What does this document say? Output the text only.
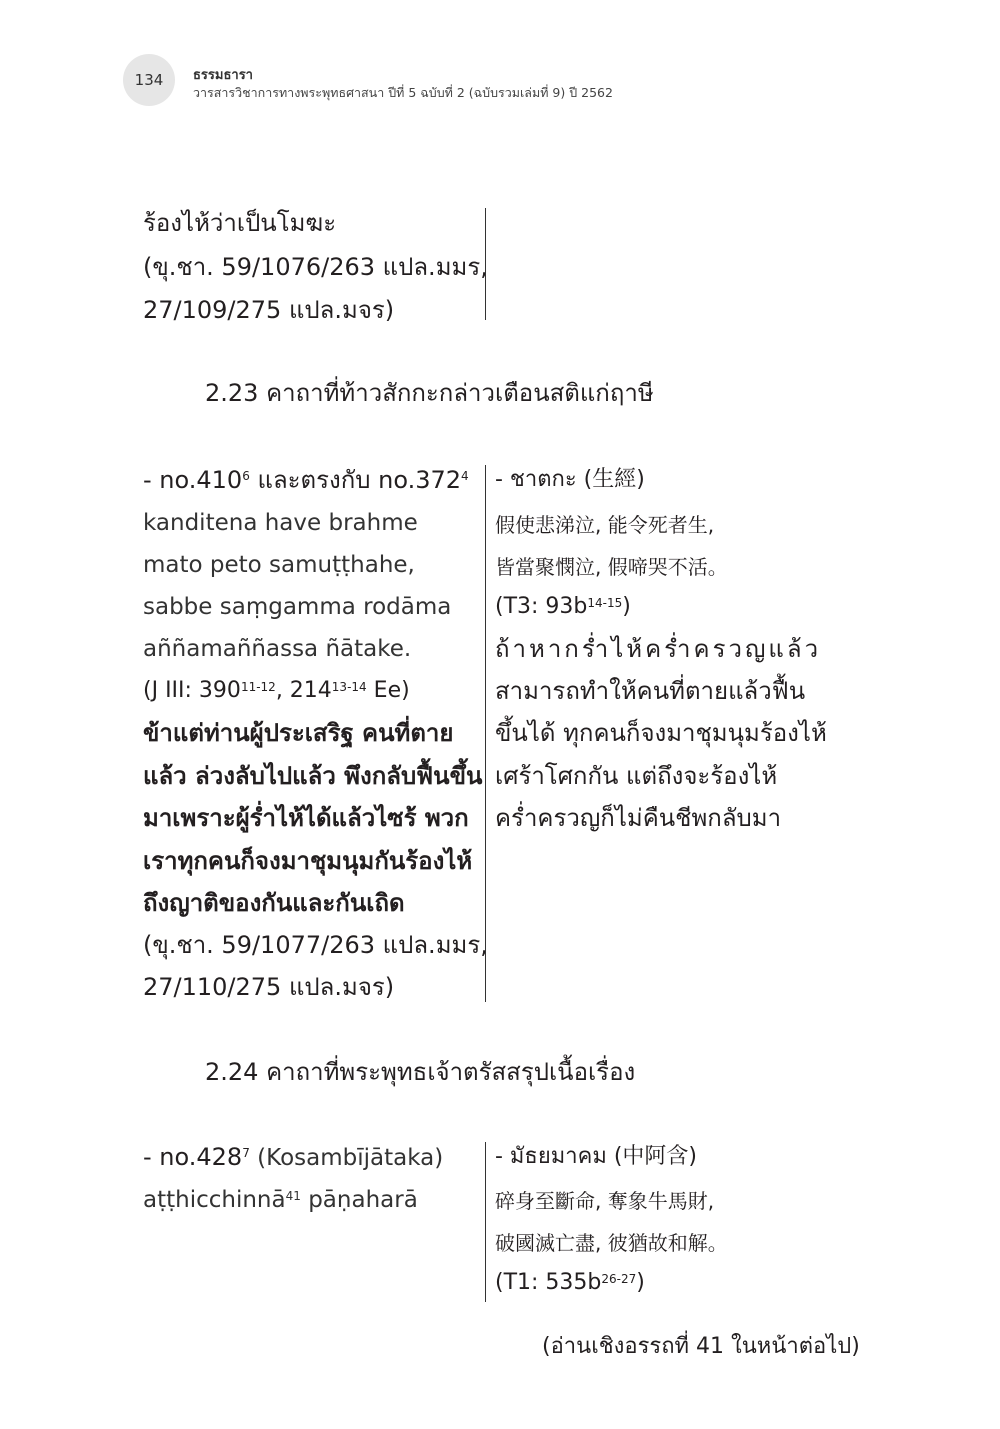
134 ธรรมธารา
วารสารวิชาการทางพระพุทธศาสนา ปีที่ 5 ฉบับที่ 2 (ฉบับรวมเล่มที่ 9) ปี 2562
ร้องไห้ว่าเป็นโมฆะ
(ขุ.ชา. 59/1076/263 แปล.มมร,
27/109/275 แปล.มจร)
2.23 คาถาที่ท้าวสักกะกล่าวเตือนสติแก่ฤาษี
- no.410$^6$ และตรงกับ no.372$^4$
kanditena have brahme
mato peto samuṭṭhahe,
sabbe saṃgamma rodāma
aññamaññassa ñātake.
(J III: 390$^{11-12}$, 214$^{13-14}$ Ee)
ข้าแต่ท่านผู้ประเสริฐ คนที่ตาย
แล้ว ล่วงลับไปแล้ว พึงกลับฟื้นขึ้น
มาเพราะผู้ร่ำไห้ได้แล้วไซร้ พวก
เราทุกคนก็จงมาชุมนุมกันร้องไห้
ถึงญาติของกันและกันเถิด
(ขุ.ชา. 59/1077/263 แปล.มมร,
27/110/275 แปล.มจร)
- ชาตกะ (生經)
假使悲涕泣, 能令死者生,
皆當聚憫泣, 假啼哭不活。
(T3: $93b^{14-15}$)
ถ้าหากร่ำไห้คร่ำครวญแล้ว
สามารถทำให้คนที่ตายแล้วฟื้น
ขึ้นได้ ทุกคนก็จงมาชุมนุมร้องไห้
เศร้าโศกกัน แต่ถึงจะร้องไห้
คร่ำครวญก็ไม่คืนชีพกลับมา
2.24 คาถาที่พระพุทธเจ้าตรัสสรุปเนื้อเรื่อง
- no.428$^7$ (Kosambījātaka)
aṭṭhicchinnā$^{41}$ pāṇaharā
- มัธยมาคม (中阿含)
碎身至斷命, 奪象牛馬財,
破國滅亡盡, 彼猶故和解。
(T1: $535b^{26-27}$)
(อ่านเชิงอรรถที่ 41 ในหน้าต่อไป)
